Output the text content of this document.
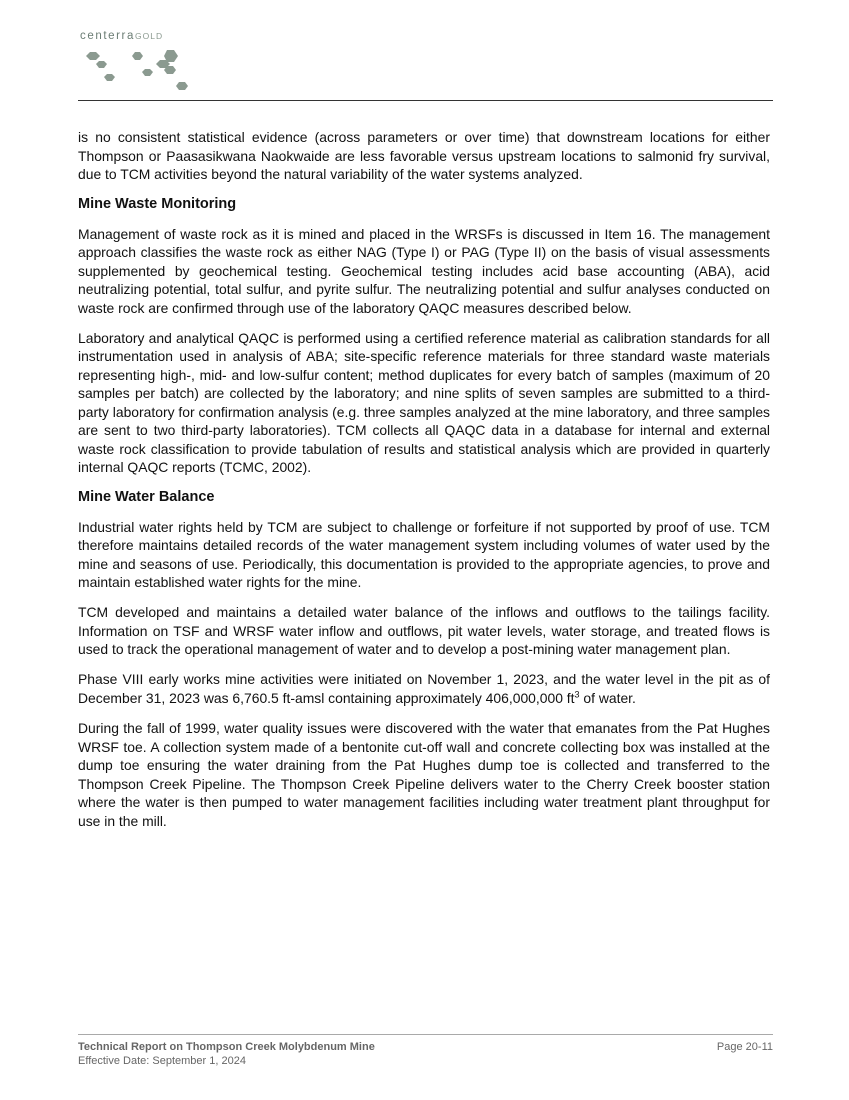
centerraGOLD

is no consistent statistical evidence (across parameters or over time) that downstream locations for either Thompson or Paasasikwana Naokwaide are less favorable versus upstream locations to salmonid fry survival, due to TCM activities beyond the natural variability of the water systems analyzed.

Mine Waste Monitoring

Management of waste rock as it is mined and placed in the WRSFs is discussed in Item 16. The management approach classifies the waste rock as either NAG (Type I) or PAG (Type II) on the basis of visual assessments supplemented by geochemical testing. Geochemical testing includes acid base accounting (ABA), acid neutralizing potential, total sulfur, and pyrite sulfur. The neutralizing potential and sulfur analyses conducted on waste rock are confirmed through use of the laboratory QAQC measures described below.

Laboratory and analytical QAQC is performed using a certified reference material as calibration standards for all instrumentation used in analysis of ABA; site-specific reference materials for three standard waste materials representing high-, mid- and low-sulfur content; method duplicates for every batch of samples (maximum of 20 samples per batch) are collected by the laboratory; and nine splits of seven samples are submitted to a third-party laboratory for confirmation analysis (e.g. three samples analyzed at the mine laboratory, and three samples are sent to two third-party laboratories). TCM collects all QAQC data in a database for internal and external waste rock classification to provide tabulation of results and statistical analysis which are provided in quarterly internal QAQC reports (TCMC, 2002).

Mine Water Balance

Industrial water rights held by TCM are subject to challenge or forfeiture if not supported by proof of use. TCM therefore maintains detailed records of the water management system including volumes of water used by the mine and seasons of use. Periodically, this documentation is provided to the appropriate agencies, to prove and maintain established water rights for the mine.

TCM developed and maintains a detailed water balance of the inflows and outflows to the tailings facility. Information on TSF and WRSF water inflow and outflows, pit water levels, water storage, and treated flows is used to track the operational management of water and to develop a post-mining water management plan.

Phase VIII early works mine activities were initiated on November 1, 2023, and the water level in the pit as of December 31, 2023 was 6,760.5 ft-amsl containing approximately 406,000,000 $ft^3$ of water.

During the fall of 1999, water quality issues were discovered with the water that emanates from the Pat Hughes WRSF toe. A collection system made of a bentonite cut-off wall and concrete collecting box was installed at the dump toe ensuring the water draining from the Pat Hughes dump toe is collected and transferred to the Thompson Creek Pipeline. The Thompson Creek Pipeline delivers water to the Cherry Creek booster station where the water is then pumped to water management facilities including water treatment plant throughput for use in the mill.

Technical Report on Thompson Creek Molybdenum Mine
Effective Date: September 1, 2024
Page 20-11
